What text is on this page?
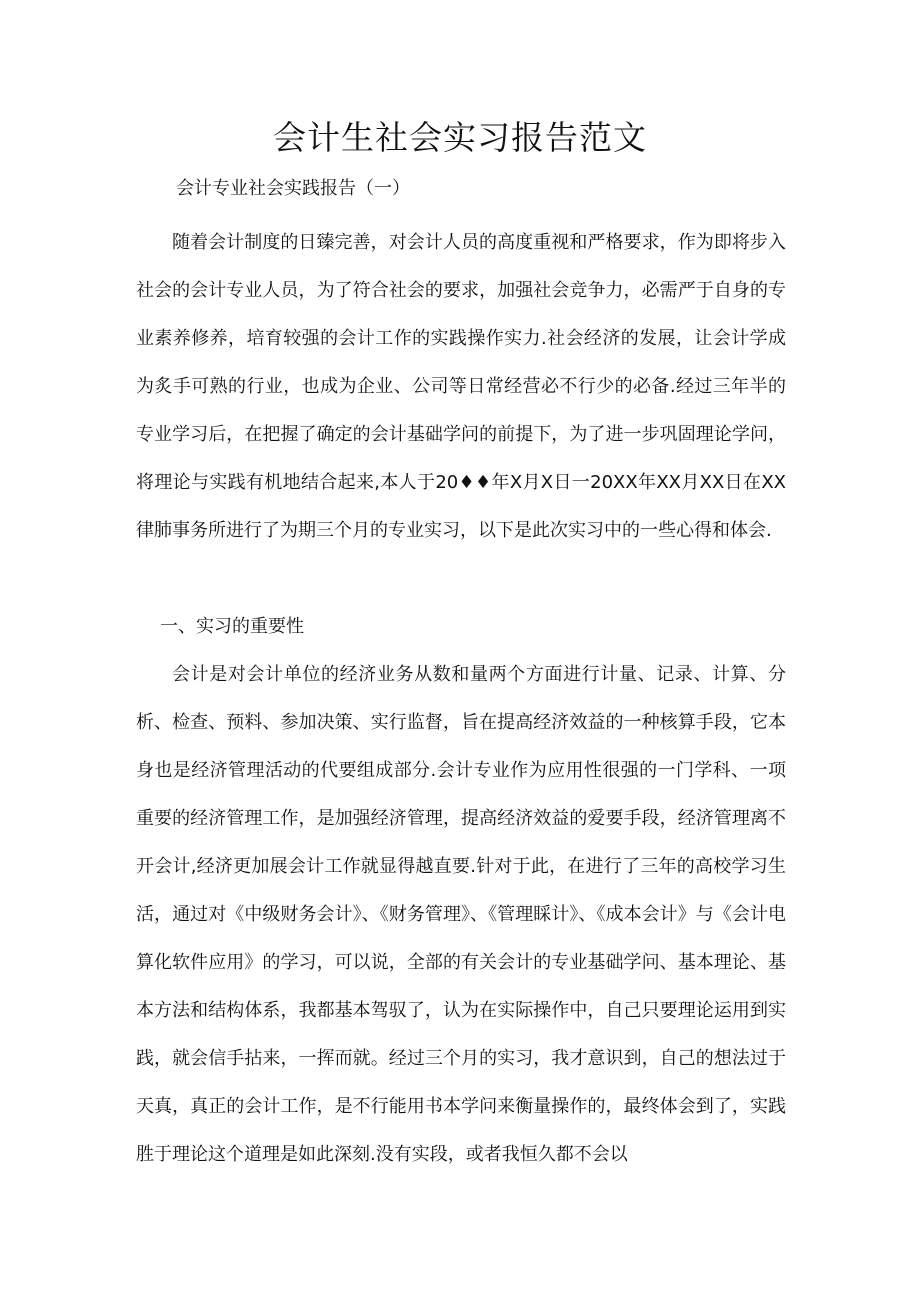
会计生社会实习报告范文

会计专业社会实践报告（一）

随着会计制度的日臻完善，对会计人员的高度重视和严格要求，作为即将步入社会的会计专业人员，为了符合社会的要求，加强社会竞争力，必需严于自身的专业素养修养，培育较强的会计工作的实践操作实力.社会经济的发展，让会计学成为炙手可熟的行业，也成为企业、公司等日常经营必不行少的必备.经过三年半的专业学习后，在把握了确定的会计基础学问的前提下，为了进一步巩固理论学问，将理论与实践有机地结合起来,本人于20♦♦年X月X日一20XX年XX月XX日在XX律肺事务所进行了为期三个月的专业实习，以下是此次实习中的一些心得和体会.

一、实习的重要性

会计是对会计单位的经济业务从数和量两个方面进行计量、记录、计算、分析、检查、预料、参加决策、实行监督，旨在提高经济效益的一种核算手段，它本身也是经济管理活动的代要组成部分.会计专业作为应用性很强的一门学科、一项重要的经济管理工作，是加强经济管理，提高经济效益的爱要手段，经济管理离不开会计,经济更加展会计工作就显得越直要.针对于此，在进行了三年的高校学习生活，通过对《中级财务会计》、《财务管理》、《管理睬计》、《成本会计》与《会计电算化软件应用》的学习，可以说，全部的有关会计的专业基础学问、基本理论、基本方法和结构体系，我都基本驾驭了，认为在实际操作中，自己只要理论运用到实践，就会信手拈来，一挥而就。经过三个月的实习，我才意识到，自己的想法过于天真，真正的会计工作，是不行能用书本学问来衡量操作的，最终体会到了，实践胜于理论这个道理是如此深刻.没有实段，或者我恒久都不会以
